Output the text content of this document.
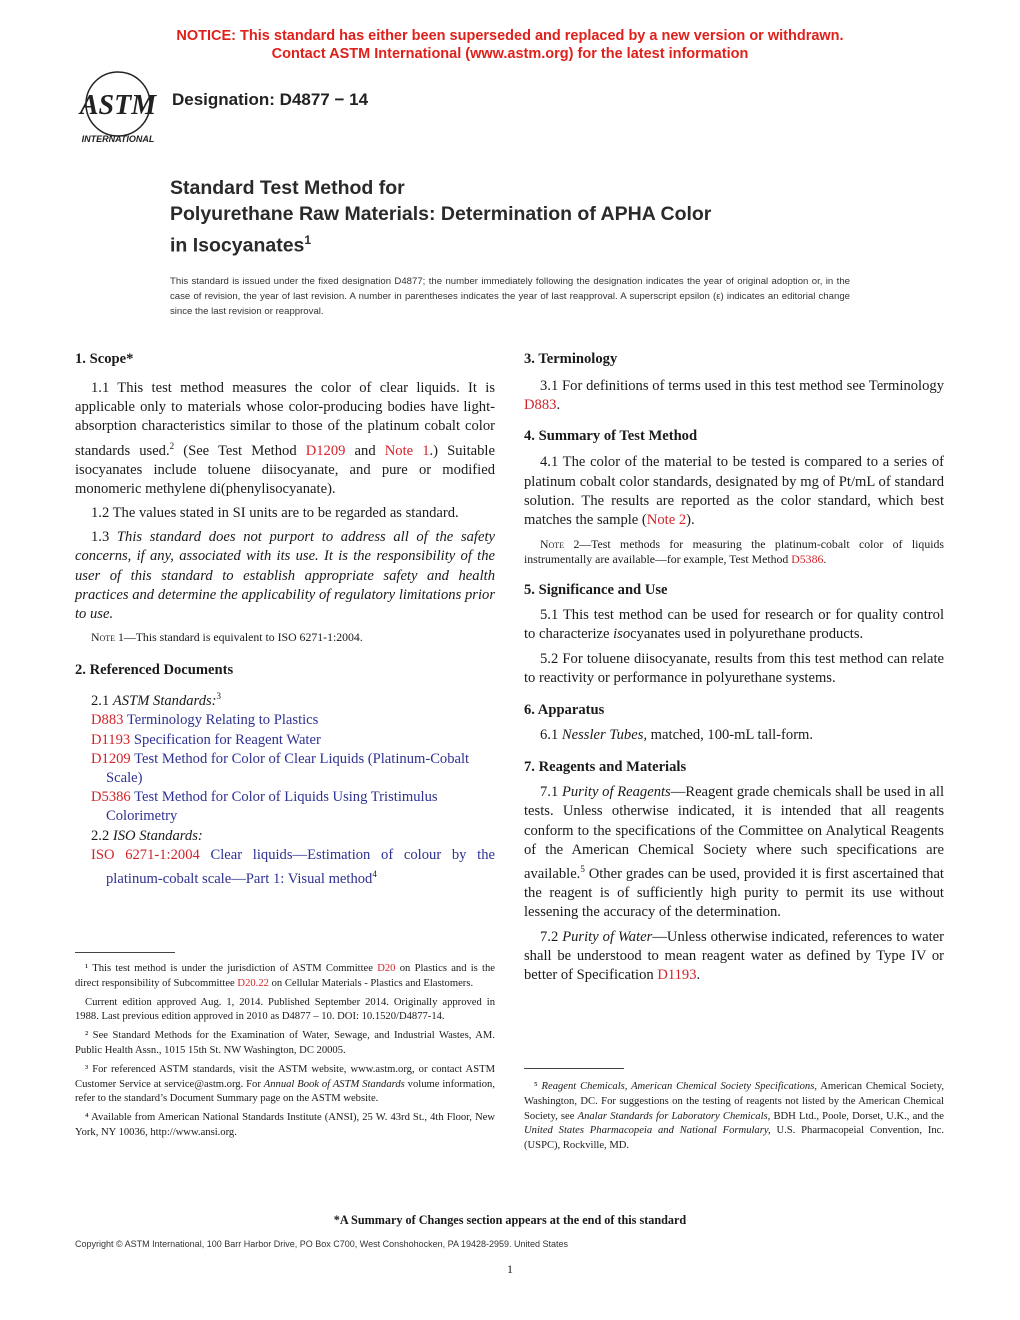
NOTICE: This standard has either been superseded and replaced by a new version or withdrawn.
Contact ASTM International (www.astm.org) for the latest information
ASTM
INTERNATIONAL
Designation: D4877 − 14
Standard Test Method for
Polyurethane Raw Materials: Determination of APHA Color
in Isocyanates$^1$
This standard is issued under the fixed designation D4877; the number immediately following the designation indicates the year of original adoption or, in the case of revision, the year of last revision. A number in parentheses indicates the year of last reapproval. A superscript epsilon (ε) indicates an editorial change since the last revision or reapproval.
1. Scope*

1.1 This test method measures the color of clear liquids. It is applicable only to materials whose color-producing bodies have light-absorption characteristics similar to those of the platinum cobalt color standards used.$^2$ (See Test Method D1209 and Note 1.) Suitable isocyanates include toluene diisocyanate, and pure or modified monomeric methylene di(phenylisocyanate).

1.2 The values stated in SI units are to be regarded as standard.

1.3 This standard does not purport to address all of the safety concerns, if any, associated with its use. It is the responsibility of the user of this standard to establish appropriate safety and health practices and determine the applicability of regulatory limitations prior to use.

Note 1—This standard is equivalent to ISO 6271-1:2004.

2. Referenced Documents

2.1 ASTM Standards:$^3$

D883 Terminology Relating to Plastics

D1193 Specification for Reagent Water

D1209 Test Method for Color of Clear Liquids (Platinum-Cobalt Scale)

D5386 Test Method for Color of Liquids Using Tristimulus Colorimetry

2.2 ISO Standards:

ISO 6271-1:2004 Clear liquids—Estimation of colour by the platinum-cobalt scale—Part 1: Visual method$^4$

¹ This test method is under the jurisdiction of ASTM Committee D20 on Plastics and is the direct responsibility of Subcommittee D20.22 on Cellular Materials - Plastics and Elastomers.

Current edition approved Aug. 1, 2014. Published September 2014. Originally approved in 1988. Last previous edition approved in 2010 as D4877 – 10. DOI: 10.1520/D4877-14.

² See Standard Methods for the Examination of Water, Sewage, and Industrial Wastes, AM. Public Health Assn., 1015 15th St. NW Washington, DC 20005.

³ For referenced ASTM standards, visit the ASTM website, www.astm.org, or contact ASTM Customer Service at service@astm.org. For Annual Book of ASTM Standards volume information, refer to the standard’s Document Summary page on the ASTM website.

⁴ Available from American National Standards Institute (ANSI), 25 W. 43rd St., 4th Floor, New York, NY 10036, http://www.ansi.org.

3. Terminology

3.1 For definitions of terms used in this test method see Terminology D883.

4. Summary of Test Method

4.1 The color of the material to be tested is compared to a series of platinum cobalt color standards, designated by mg of Pt/mL of standard solution. The results are reported as the color standard, which best matches the sample (Note 2).

Note 2—Test methods for measuring the platinum-cobalt color of liquids instrumentally are available—for example, Test Method D5386.

5. Significance and Use

5.1 This test method can be used for research or for quality control to characterize isocyanates used in polyurethane products.

5.2 For toluene diisocyanate, results from this test method can relate to reactivity or performance in polyurethane systems.

6. Apparatus

6.1 Nessler Tubes, matched, 100-mL tall-form.

7. Reagents and Materials

7.1 Purity of Reagents—Reagent grade chemicals shall be used in all tests. Unless otherwise indicated, it is intended that all reagents conform to the specifications of the Committee on Analytical Reagents of the American Chemical Society where such specifications are available.$^5$ Other grades can be used, provided it is first ascertained that the reagent is of sufficiently high purity to permit its use without lessening the accuracy of the determination.

7.2 Purity of Water—Unless otherwise indicated, references to water shall be understood to mean reagent water as defined by Type IV or better of Specification D1193.

⁵ Reagent Chemicals, American Chemical Society Specifications, American Chemical Society, Washington, DC. For suggestions on the testing of reagents not listed by the American Chemical Society, see Analar Standards for Laboratory Chemicals, BDH Ltd., Poole, Dorset, U.K., and the United States Pharmacopeia and National Formulary, U.S. Pharmacopeial Convention, Inc. (USPC), Rockville, MD.

*A Summary of Changes section appears at the end of this standard
Copyright © ASTM International, 100 Barr Harbor Drive, PO Box C700, West Conshohocken, PA 19428-2959. United States
1
